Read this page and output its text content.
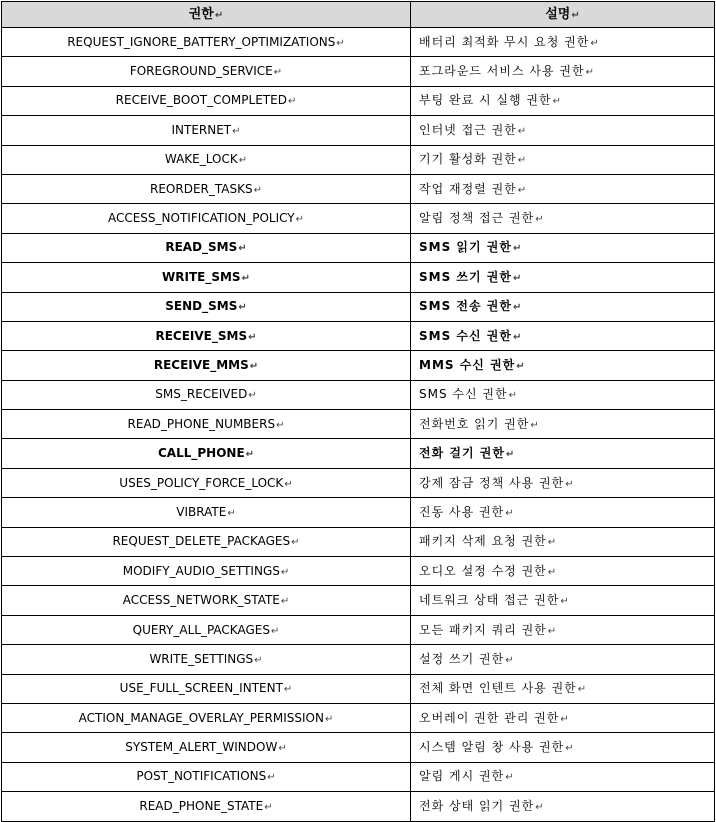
권한↵	설명↵
REQUEST_IGNORE_BATTERY_OPTIMIZATIONS↵	배터리 최적화 무시 요청 권한↵
FOREGROUND_SERVICE↵	포그라운드 서비스 사용 권한↵
RECEIVE_BOOT_COMPLETED↵	부팅 완료 시 실행 권한↵
INTERNET↵	인터넷 접근 권한↵
WAKE_LOCK↵	기기 활성화 권한↵
REORDER_TASKS↵	작업 재정렬 권한↵
ACCESS_NOTIFICATION_POLICY↵	알림 정책 접근 권한↵
READ_SMS↵	SMS 읽기 권한↵
WRITE_SMS↵	SMS 쓰기 권한↵
SEND_SMS↵	SMS 전송 권한↵
RECEIVE_SMS↵	SMS 수신 권한↵
RECEIVE_MMS↵	MMS 수신 권한↵
SMS_RECEIVED↵	SMS 수신 권한↵
READ_PHONE_NUMBERS↵	전화번호 읽기 권한↵
CALL_PHONE↵	전화 걸기 권한↵
USES_POLICY_FORCE_LOCK↵	강제 잠금 정책 사용 권한↵
VIBRATE↵	진동 사용 권한↵
REQUEST_DELETE_PACKAGES↵	패키지 삭제 요청 권한↵
MODIFY_AUDIO_SETTINGS↵	오디오 설정 수정 권한↵
ACCESS_NETWORK_STATE↵	네트워크 상태 접근 권한↵
QUERY_ALL_PACKAGES↵	모든 패키지 쿼리 권한↵
WRITE_SETTINGS↵	설정 쓰기 권한↵
USE_FULL_SCREEN_INTENT↵	전체 화면 인텐트 사용 권한↵
ACTION_MANAGE_OVERLAY_PERMISSION↵	오버레이 권한 관리 권한↵
SYSTEM_ALERT_WINDOW↵	시스템 알림 창 사용 권한↵
POST_NOTIFICATIONS↵	알림 게시 권한↵
READ_PHONE_STATE↵	전화 상태 읽기 권한↵
